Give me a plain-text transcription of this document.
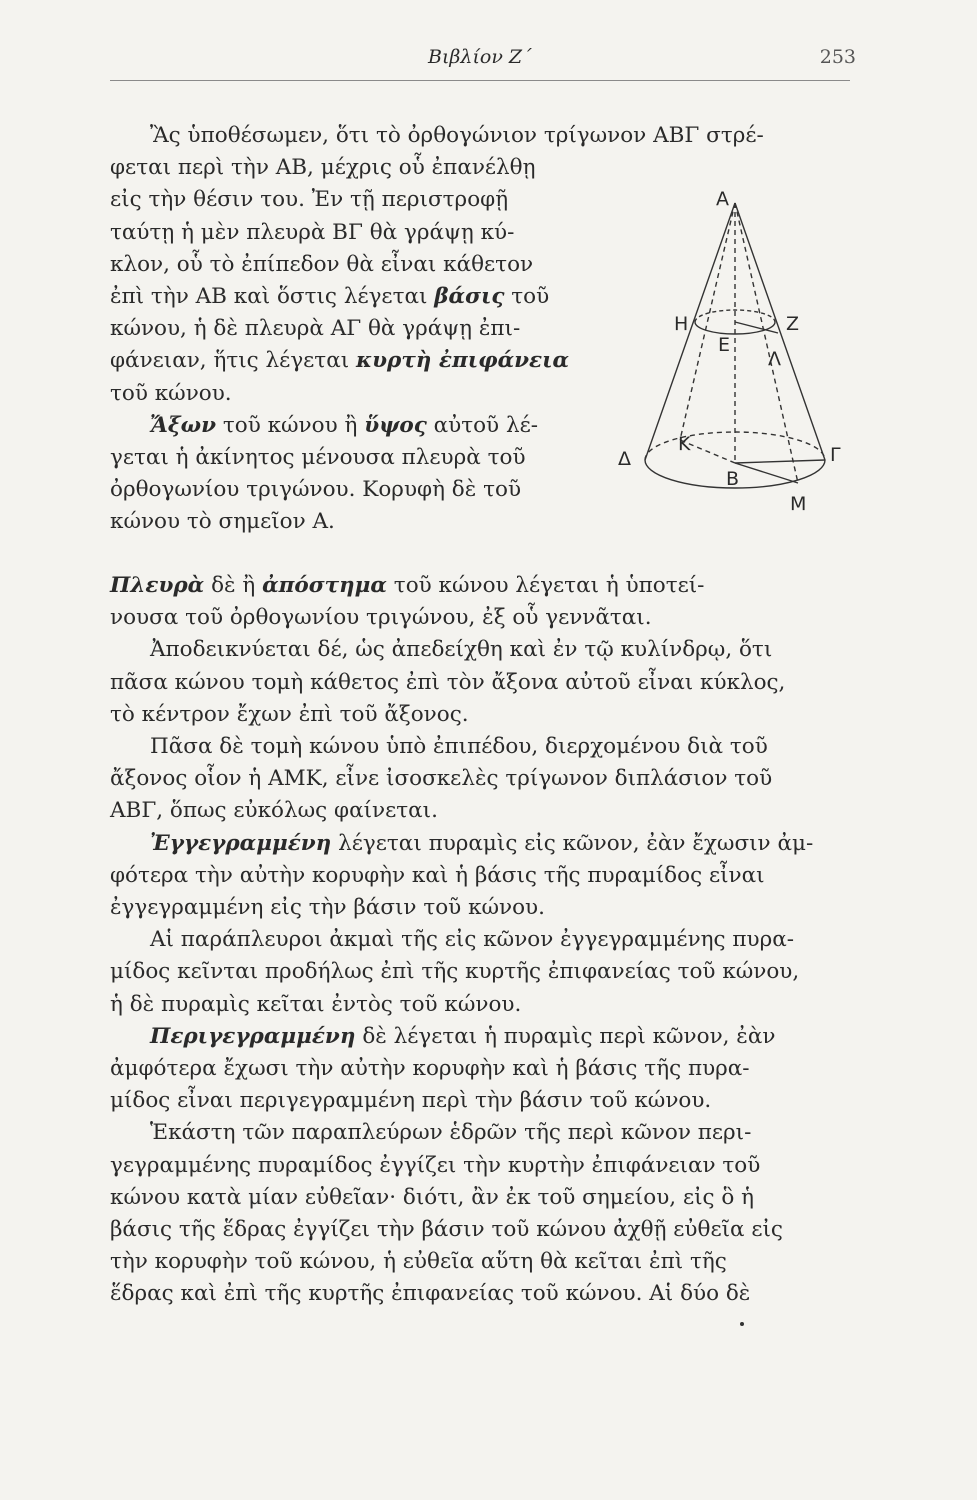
Βιβλίον Ζ΄	253

Ἂς ὑποθέσωμεν, ὅτι τὸ ὀρθογώνιον τρίγωνον ΑΒΓ στρέ-

φεται περὶ τὴν ΑΒ, μέχρις οὗ ἐπανέλθῃ

εἰς τὴν θέσιν του. Ἐν τῇ περιστροφῇ

ταύτῃ ἡ μὲν πλευρὰ ΒΓ θὰ γράψῃ κύ-

κλον, οὗ τὸ ἐπίπεδον θὰ εἶναι κάθετον

ἐπὶ τὴν ΑΒ καὶ ὅστις λέγεται βάσις τοῦ

κώνου, ἡ δὲ πλευρὰ ΑΓ θὰ γράψῃ ἐπι-

φάνειαν, ἥτις λέγεται κυρτὴ ἐπιφάνεια

τοῦ κώνου.

Ἄξων τοῦ κώνου ἢ ὕψος αὐτοῦ λέ-

γεται ἡ ἀκίνητος μένουσα πλευρὰ τοῦ

ὀρθογωνίου τριγώνου. Κορυφὴ δὲ τοῦ

κώνου τὸ σημεῖον Α.

Α
Η	Ζ
Ε
Λ
Κ
Δ
Β
Γ
Μ

Πλευρὰ δὲ ἢ ἀπόστημα τοῦ κώνου λέγεται ἡ ὑποτεί-

νουσα τοῦ ὀρθογωνίου τριγώνου, ἐξ οὗ γεννᾶται.

Ἀποδεικνύεται δέ, ὡς ἀπεδείχθη καὶ ἐν τῷ κυλίνδρῳ, ὅτι

πᾶσα κώνου τομὴ κάθετος ἐπὶ τὸν ἄξονα αὐτοῦ εἶναι κύκλος,

τὸ κέντρον ἔχων ἐπὶ τοῦ ἄξονος.

Πᾶσα δὲ τομὴ κώνου ὑπὸ ἐπιπέδου, διερχομένου διὰ τοῦ

ἄξονος οἷον ἡ ΑΜΚ, εἶνε ἰσοσκελὲς τρίγωνον διπλάσιον τοῦ

ΑΒΓ, ὅπως εὐκόλως φαίνεται.

Ἐγγεγραμμένη λέγεται πυραμὶς εἰς κῶνον, ἐὰν ἔχωσιν ἀμ-

φότερα τὴν αὐτὴν κορυφὴν καὶ ἡ βάσις τῆς πυραμίδος εἶναι

ἐγγεγραμμένη εἰς τὴν βάσιν τοῦ κώνου.

Αἱ παράπλευροι ἀκμαὶ τῆς εἰς κῶνον ἐγγεγραμμένης πυρα-

μίδος κεῖνται προδήλως ἐπὶ τῆς κυρτῆς ἐπιφανείας τοῦ κώνου,

ἡ δὲ πυραμὶς κεῖται ἐντὸς τοῦ κώνου.

Περιγεγραμμένη δὲ λέγεται ἡ πυραμὶς περὶ κῶνον, ἐὰν

ἀμφότερα ἔχωσι τὴν αὐτὴν κορυφὴν καὶ ἡ βάσις τῆς πυρα-

μίδος εἶναι περιγεγραμμένη περὶ τὴν βάσιν τοῦ κώνου.

Ἑκάστη τῶν παραπλεύρων ἑδρῶν τῆς περὶ κῶνον περι-

γεγραμμένης πυραμίδος ἐγγίζει τὴν κυρτὴν ἐπιφάνειαν τοῦ

κώνου κατὰ μίαν εὐθεῖαν· διότι, ἂν ἐκ τοῦ σημείου, εἰς ὃ ἡ

βάσις τῆς ἕδρας ἐγγίζει τὴν βάσιν τοῦ κώνου ἀχθῇ εὐθεῖα εἰς

τὴν κορυφὴν τοῦ κώνου, ἡ εὐθεῖα αὕτη θὰ κεῖται ἐπὶ τῆς

ἕδρας καὶ ἐπὶ τῆς κυρτῆς ἐπιφανείας τοῦ κώνου. Αἱ δύο δὲ
